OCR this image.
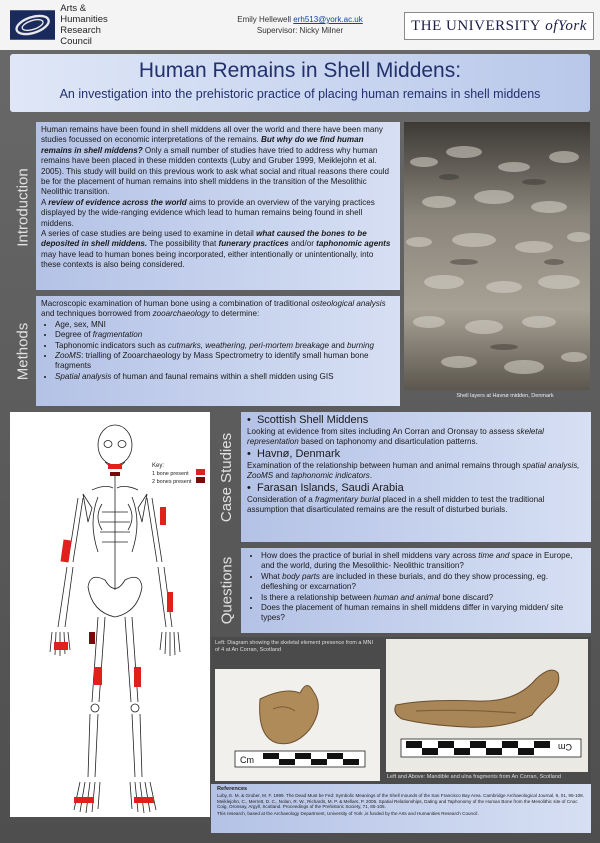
Arts & Humanities
Research Council
Emily Hellewell erh513@york.ac.uk
Supervisor: Nicky Milner	THE UNIVERSITY
of York
Human Remains in Shell Middens:
An investigation into the prehistoric practice of placing human remains in shell middens
Introduction

Human remains have been found in shell middens all over the world and there have been many studies focussed on economic interpretations of the remains. But why do we find human remains in shell middens? Only a small number of studies have tried to address why human remains have been placed in these midden contexts (Luby and Gruber 1999, Meiklejohn et al. 2005). This study will build on this previous work to ask what social and ritual reasons there could be for the placement of human remains into shell middens in the transition of the Mesolithic Neolithic transition.

A review of evidence across the world aims to provide an overview of the varying practices displayed by the wide-ranging evidence which lead to human remains being found in shell middens.

A series of case studies are being used to examine in detail what caused the bones to be deposited in shell middens. The possibility that funerary practices and/or taphonomic agents may have lead to human bones being incorporated, either intentionally or unintentionally, into these contexts is also being considered.

Methods

Macroscopic examination of human bone using a combination of traditional osteological analysis and techniques borrowed from zooarchaeology to determine:

• Age, sex, MNI
• Degree of fragmentation
• Taphonomic indicators such as cutmarks, weathering, peri-mortem breakage and burning
• ZooMS: trialling of Zooarchaeology by Mass Spectrometry to identify small human bone fragments
• Spatial analysis of human and faunal remains within a shell midden using GIS
Shell layers at Havnø midden, Denmark
Key:
1 bone present
2 bones present Case Studies
•  Scottish Shell Middens

Looking at evidence from sites including An Corran and Oronsay to assess skeletal representation based on taphonomy and disarticulation patterns.

•  Havnø, Denmark

Examination of the relationship between human and animal remains through spatial analysis, ZooMS and taphonomic indicators.

•  Farasan Islands, Saudi Arabia

Consideration of a fragmentary burial placed in a shell midden to test the traditional assumption that disarticulated remains are the result of disturbed burials.

Questions
• How does the practice of burial in shell middens vary across time and space in Europe, and the world, during the Mesolithic- Neolithic transition?
• What body parts are included in these burials, and do they show processing, eg. defleshing or excarnation?
• Is there a relationship between human and animal bone discard?
• Does the placement of human remains in shell middens differ in varying midden/ site types?
Left: Diagram showing the skeletal element presence from a MNI of 4 at An Corran, Scotland
Cm
Cm
Left and Above: Mandible and ulna fragments from An Corran, Scotland
References
Luby, E. M. & Gruber, M. F. 1999. The Dead Must be Fed: Symbolic Meanings of the Shell mounds of the San Francisco Bay Area. Cambridge Archaeological Journal, 9, 01, 95-108.
Meiklejohn, C., Merrett, D. C., Nolan, R. W., Richards, M. P. & Mellars, P. 2005. Spatial Relationships, Dating and Taphonomy of the Human Bone from the Mesolithic site of Cnoc Coig, Oronsay, Argyll, Scotland. Proceedings of the Prehistoric Society, 71, 85-105.
This research, based at the Archaeology Department, University of York ,is funded by the Arts and Humanities Research Council.
